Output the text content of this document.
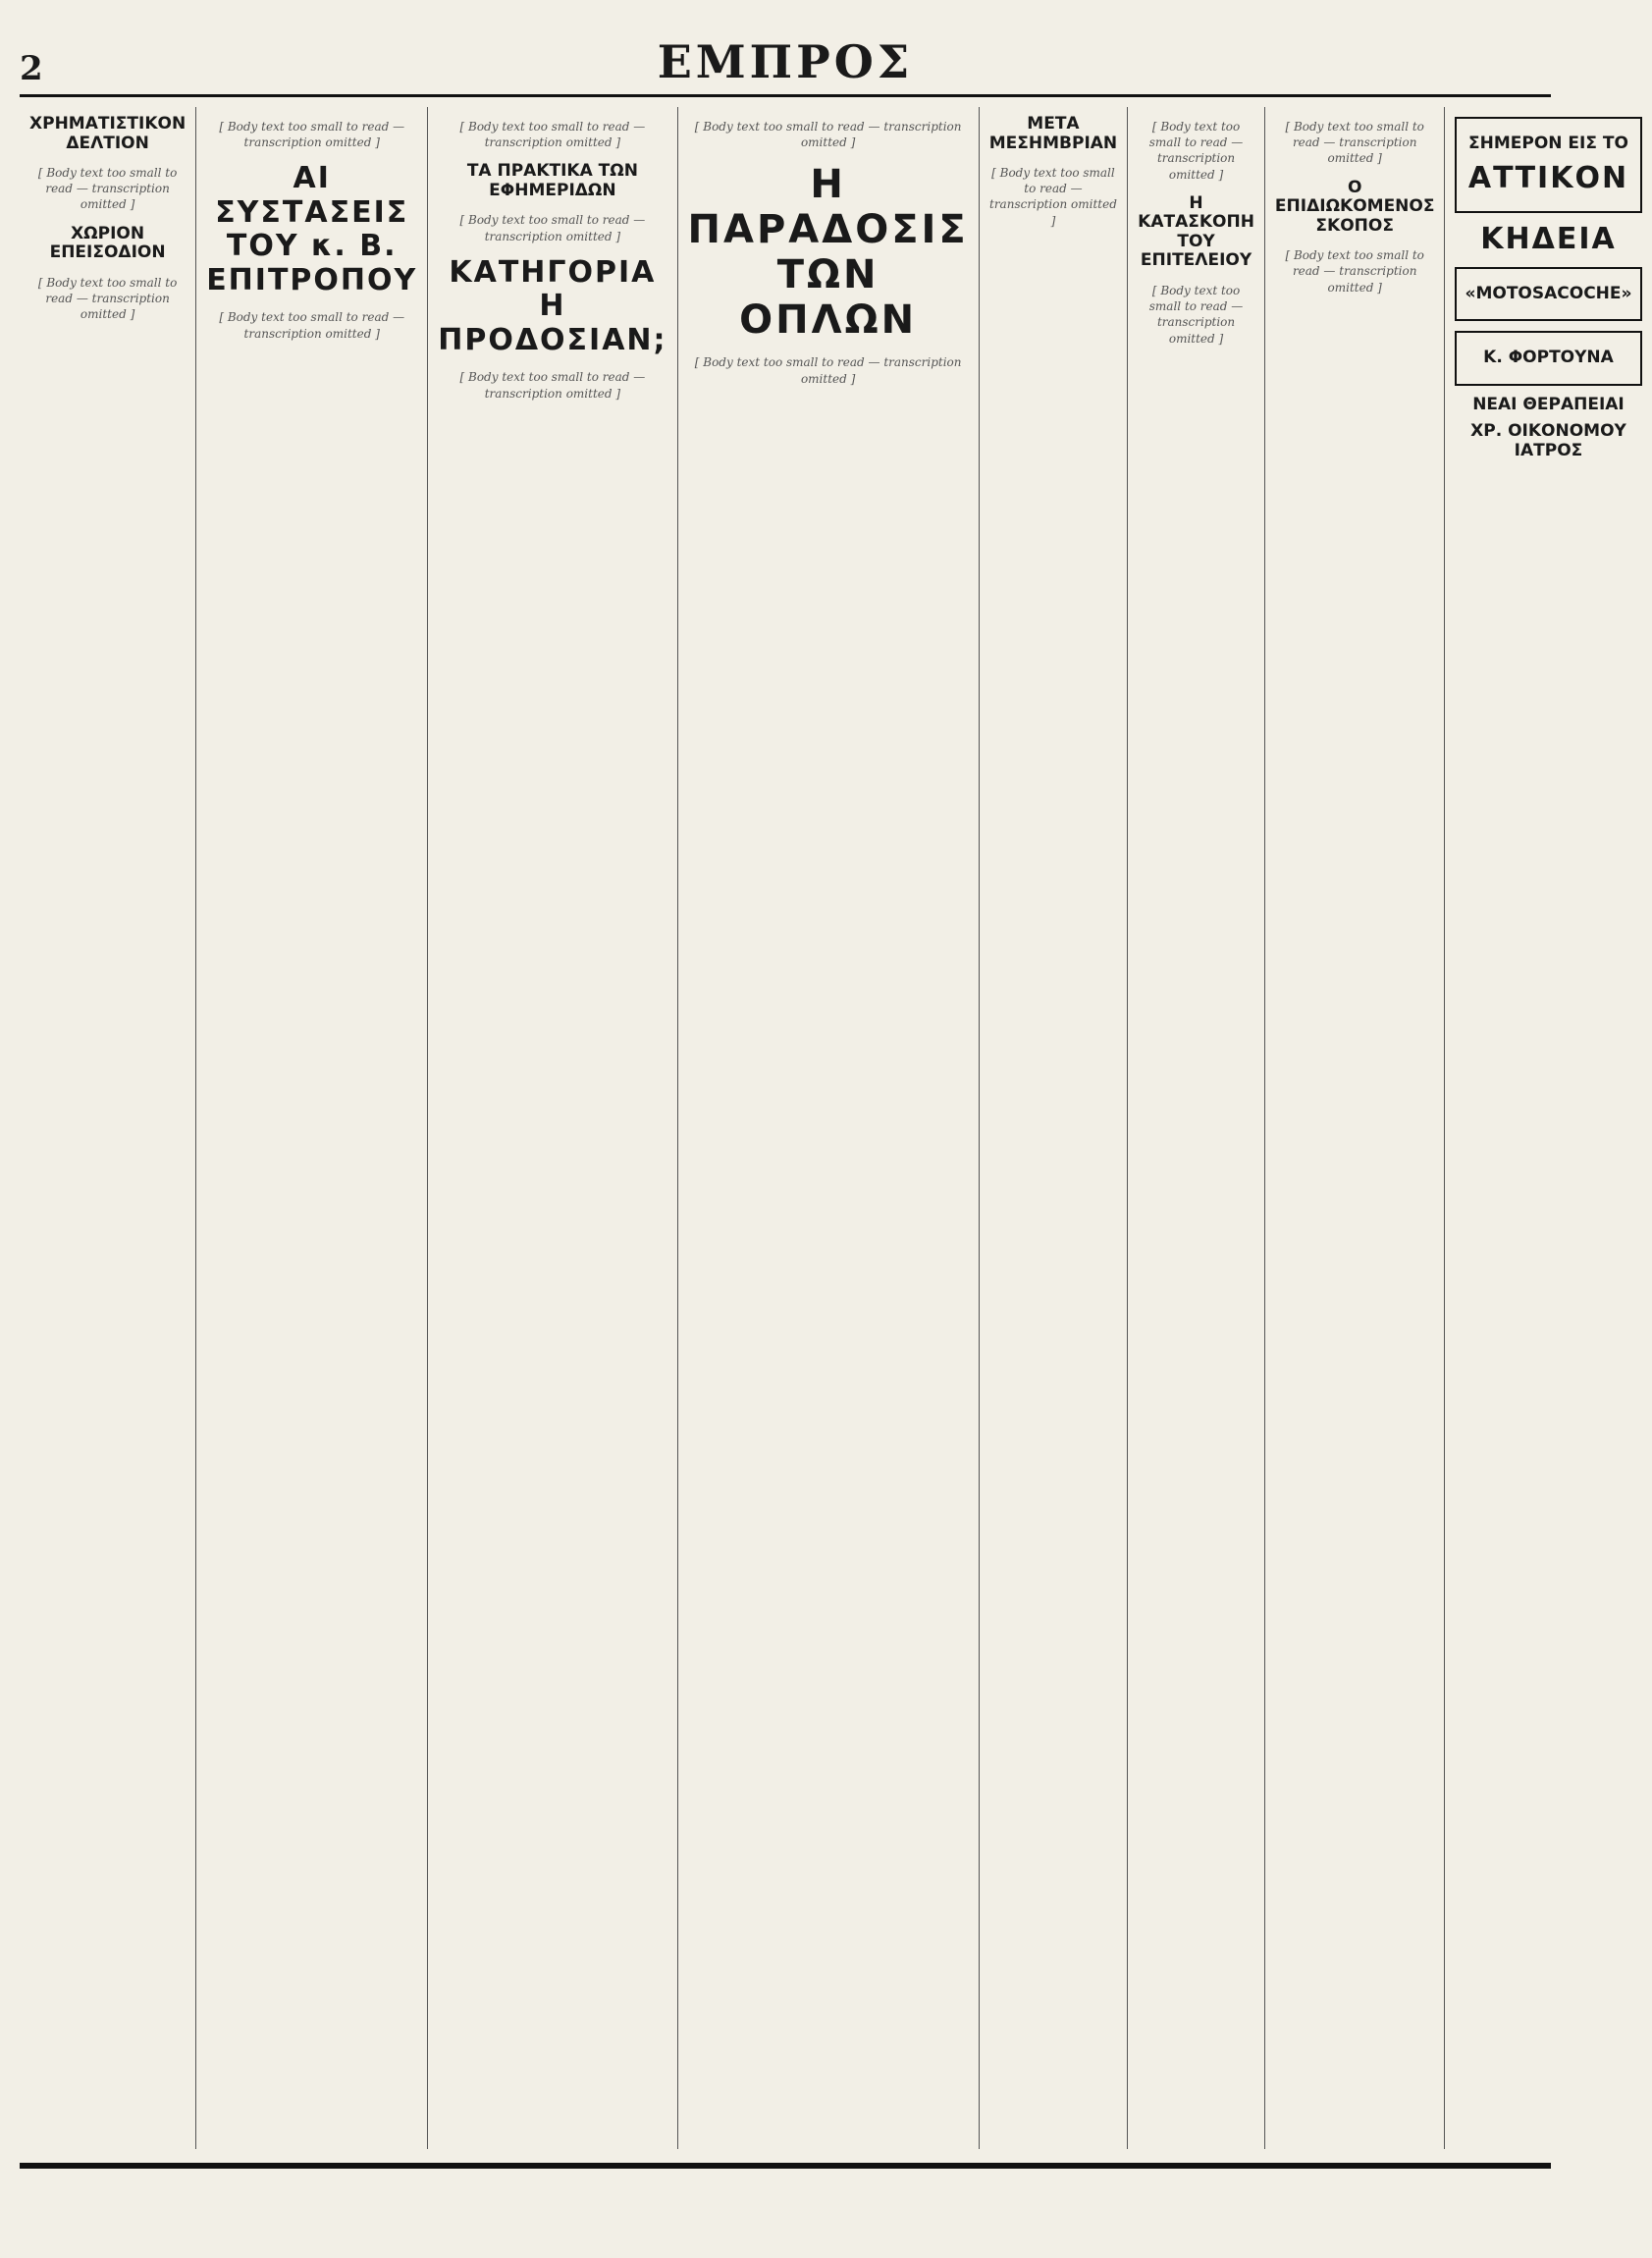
2	ΕΜΠΡΟΣ
ΧΡΗΜΑΤΙΣΤΙΚΟΝ ΔΕΛΤΙΟΝ
[ Body text too small to read — transcription omitted ]
ΧΩΡΙΟΝ ΕΠΕΙΣΟΔΙΟΝ
[ Body text too small to read — transcription omitted ]
[ Body text too small to read — transcription omitted ]
ΑΙ ΣΥΣΤΑΣΕΙΣ ΤΟΥ κ. Β. ΕΠΙΤΡΟΠΟΥ
[ Body text too small to read — transcription omitted ]
[ Body text too small to read — transcription omitted ]
ΤΑ ΠΡΑΚΤΙΚΑ ΤΩΝ ΕΦΗΜΕΡΙΔΩΝ
[ Body text too small to read — transcription omitted ]
ΚΑΤΗΓΟΡΙΑ Η ΠΡΟΔΟΣΙΑΝ;
[ Body text too small to read — transcription omitted ]
[ Body text too small to read — transcription omitted ]
Η ΠΑΡΑΔΟΣΙΣ ΤΩΝ ΟΠΛΩΝ
[ Body text too small to read — transcription omitted ]
ΜΕΤΑ ΜΕΣΗΜΒΡΙΑΝ
[ Body text too small to read — transcription omitted ]
[ Body text too small to read — transcription omitted ]
Η ΚΑΤΑΣΚΟΠΗ ΤΟΥ ΕΠΙΤΕΛΕΙΟΥ
[ Body text too small to read — transcription omitted ]
[ Body text too small to read — transcription omitted ]
Ο ΕΠΙΔΙΩΚΟΜΕΝΟΣ ΣΚΟΠΟΣ
[ Body text too small to read — transcription omitted ]
ΣΗΜΕΡΟΝ ΕΙΣ ΤΟ
ΑΤΤΙΚΟΝ
ΚΗΔΕΙΑ
«ΜΟΤΟSACOCHE»
Κ. ΦΟΡΤΟΥΝΑ
ΝΕΑΙ ΘΕΡΑΠΕΙΑΙ
ΧΡ. ΟΙΚΟΝΟΜΟΥ ΙΑΤΡΟΣ
